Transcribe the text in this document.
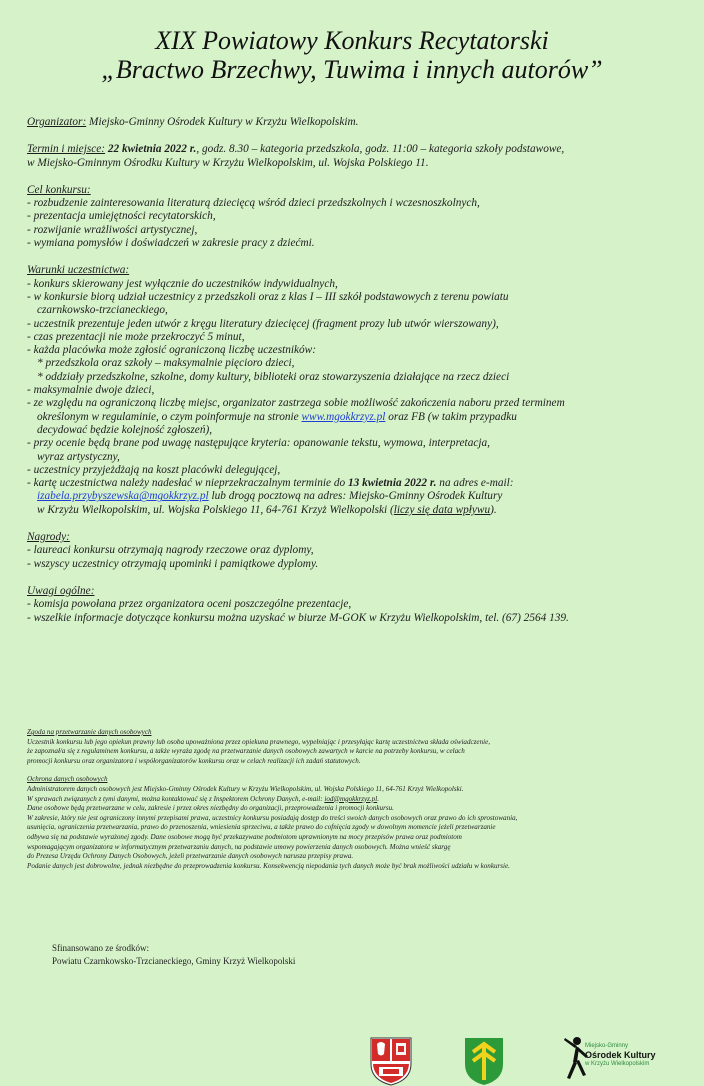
XIX Powiatowy Konkurs Recytatorski
„Bractwo Brzechwy, Tuwima i innych autorów”
Organizator: Miejsko-Gminny Ośrodek Kultury w Krzyżu Wielkopolskim.
Termin i miejsce: 22 kwietnia 2022 r., godz. 8.30 – kategoria przedszkola, godz. 11:00 – kategoria szkoły podstawowe,
w Miejsko-Gminnym Ośrodku Kultury w Krzyżu Wielkopolskim, ul. Wojska Polskiego 11.
Cel konkursu:
- rozbudzenie zainteresowania literaturą dziecięcą wśród dzieci przedszkolnych i wczesnoszkolnych,
- prezentacja umiejętności recytatorskich,
- rozwijanie wrażliwości artystycznej,
- wymiana pomysłów i doświadczeń w zakresie pracy z dziećmi.
Warunki uczestnictwa:
- konkurs skierowany jest wyłącznie do uczestników indywidualnych,
- w konkursie biorą udział uczestnicy z przedszkoli oraz z klas I – III szkół podstawowych z terenu powiatu
czarnkowsko-trzcianeckiego,
- uczestnik prezentuje jeden utwór z kręgu literatury dziecięcej (fragment prozy lub utwór wierszowany),
- czas prezentacji nie może przekroczyć 5 minut,
- każda placówka może zgłosić ograniczoną liczbę uczestników:
* przedszkola oraz szkoły – maksymalnie pięcioro dzieci,
* oddziały przedszkolne, szkolne, domy kultury, biblioteki oraz stowarzyszenia działające na rzecz dzieci
- maksymalnie dwoje dzieci,
- ze względu na ograniczoną liczbę miejsc, organizator zastrzega sobie możliwość zakończenia naboru przed terminem
określonym w regulaminie, o czym poinformuje na stronie www.mgokkrzyz.pl oraz FB (w takim przypadku
decydować będzie kolejność zgłoszeń),
- przy ocenie będą brane pod uwagę następujące kryteria: opanowanie tekstu, wymowa, interpretacja,
wyraz artystyczny,
- uczestnicy przyjeżdżają na koszt placówki delegującej,
- kartę uczestnictwa należy nadesłać w nieprzekraczalnym terminie do 13 kwietnia 2022 r. na adres e-mail:
izabela.przybyszewska@mgokkrzyz.pl lub drogą pocztową na adres: Miejsko-Gminny Ośrodek Kultury
w Krzyżu Wielkopolskim, ul. Wojska Polskiego 11, 64-761 Krzyż Wielkopolski (liczy się data wpływu).
Nagrody:
- laureaci konkursu otrzymają nagrody rzeczowe oraz dyplomy,
- wszyscy uczestnicy otrzymają upominki i pamiątkowe dyplomy.
Uwagi ogólne:
- komisja powołana przez organizatora oceni poszczególne prezentacje,
- wszelkie informacje dotyczące konkursu można uzyskać w biurze M-GOK w Krzyżu Wielkopolskim, tel. (67) 2564 139.
Zgoda na przetwarzanie danych osobowych
Uczestnik konkursu lub jego opiekun prawny lub osoba upoważniona przez opiekuna prawnego, wypełniając i przesyłając kartę uczestnictwa składa oświadczenie,
że zapoznał/a się z regulaminem konkursu, a także wyraża zgodę na przetwarzanie danych osobowych zawartych w karcie na potrzeby konkursu, w celach
promocji konkursu oraz organizatora i współorganizatorów konkursu oraz w celach realizacji ich zadań statutowych.
Ochrona danych osobowych
Administratorem danych osobowych jest Miejsko-Gminny Ośrodek Kultury w Krzyżu Wielkopolskim, ul. Wojska Polskiego 11, 64-761 Krzyż Wielkopolski.
W sprawach związanych z tymi danymi, można kontaktować się z Inspektorem Ochrony Danych, e-mail: iod@mgokkrzyz.pl.
Dane osobowe będą przetwarzane w celu, zakresie i przez okres niezbędny do organizacji, przeprowadzenia i promocji konkursu.
W zakresie, który nie jest ograniczony innymi przepisami prawa, uczestnicy konkursu posiadają dostęp do treści swoich danych osobowych oraz prawo do ich sprostowania,
usunięcia, ograniczenia przetwarzania, prawo do przenoszenia, wniesienia sprzeciwu, a także prawo do cofnięcia zgody w dowolnym momencie jeżeli przetwarzanie
odbywa się na podstawie wyrażonej zgody. Dane osobowe mogą być przekazywane podmiotom uprawnionym na mocy przepisów prawa oraz podmiotom
wspomagającym organizatora w informatycznym przetwarzaniu danych, na podstawie umowy powierzenia danych osobowych. Można wnieść skargę
do Prezesa Urzędu Ochrony Danych Osobowych, jeżeli przetwarzanie danych osobowych narusza przepisy prawa.
Podanie danych jest dobrowolne, jednak niezbędne do przeprowadzenia konkursu. Konsekwencją niepodania tych danych może być brak możliwości udziału w konkursie.
Sfinansowano ze środków:
Powiatu Czarnkowsko-Trzcianeckiego, Gminy Krzyż Wielkopolski
Miejsko-Gminny
Ośrodek Kultury
w Krzyżu Wielkopolskim
